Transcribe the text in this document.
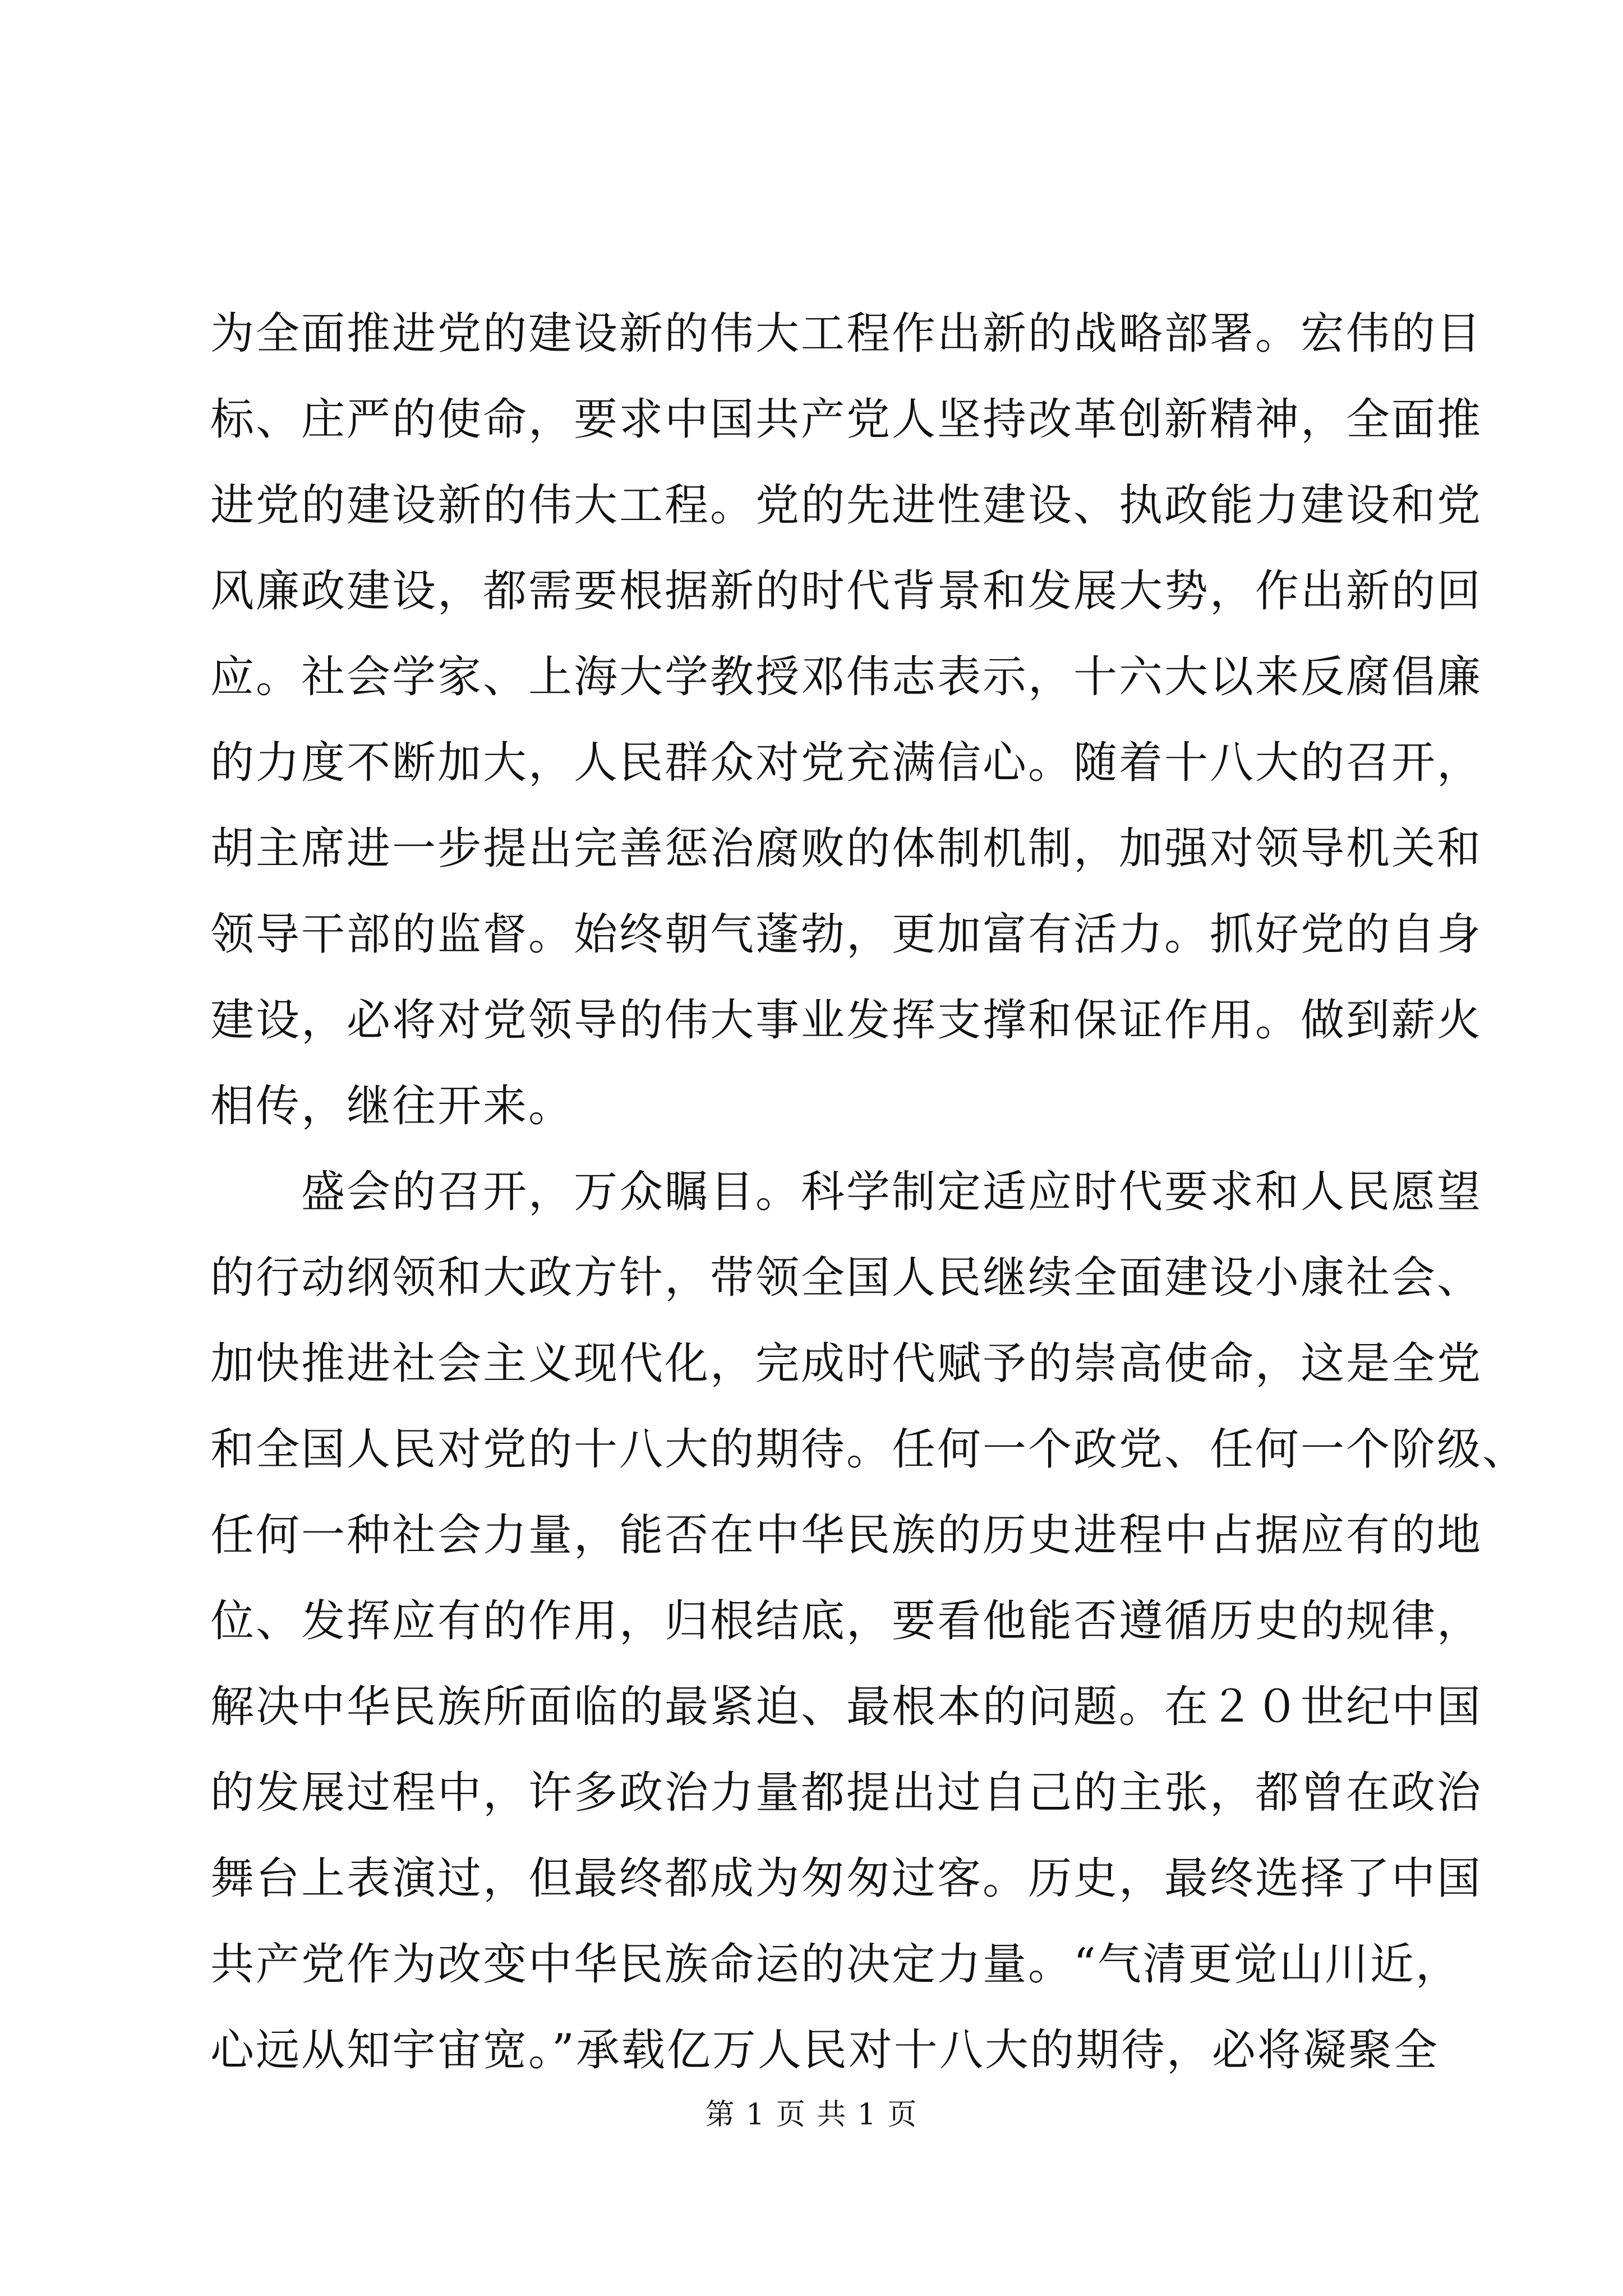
为全面推进党的建设新的伟大工程作出新的战略部署。宏伟的目
标、庄严的使命，要求中国共产党人坚持改革创新精神，全面推
进党的建设新的伟大工程。党的先进性建设、执政能力建设和党
风廉政建设，都需要根据新的时代背景和发展大势，作出新的回
应。社会学家、上海大学教授邓伟志表示，十六大以来反腐倡廉
的力度不断加大，人民群众对党充满信心。随着十八大的召开，
胡主席进一步提出完善惩治腐败的体制机制，加强对领导机关和
领导干部的监督。始终朝气蓬勃，更加富有活力。抓好党的自身
建设，必将对党领导的伟大事业发挥支撑和保证作用。做到薪火
相传，继往开来。
　　盛会的召开，万众瞩目。科学制定适应时代要求和人民愿望
的行动纲领和大政方针，带领全国人民继续全面建设小康社会、
加快推进社会主义现代化，完成时代赋予的崇高使命，这是全党
和全国人民对党的十八大的期待。任何一个政党、任何一个阶级、
任何一种社会力量，能否在中华民族的历史进程中占据应有的地
位、发挥应有的作用，归根结底，要看他能否遵循历史的规律，
解决中华民族所面临的最紧迫、最根本的问题。在２０世纪中国
的发展过程中，许多政治力量都提出过自己的主张，都曾在政治
舞台上表演过，但最终都成为匆匆过客。历史，最终选择了中国
共产党作为改变中华民族命运的决定力量。“气清更觉山川近，
心远从知宇宙宽。”承载亿万人民对十八大的期待，必将凝聚全
第 1 页 共 1 页
